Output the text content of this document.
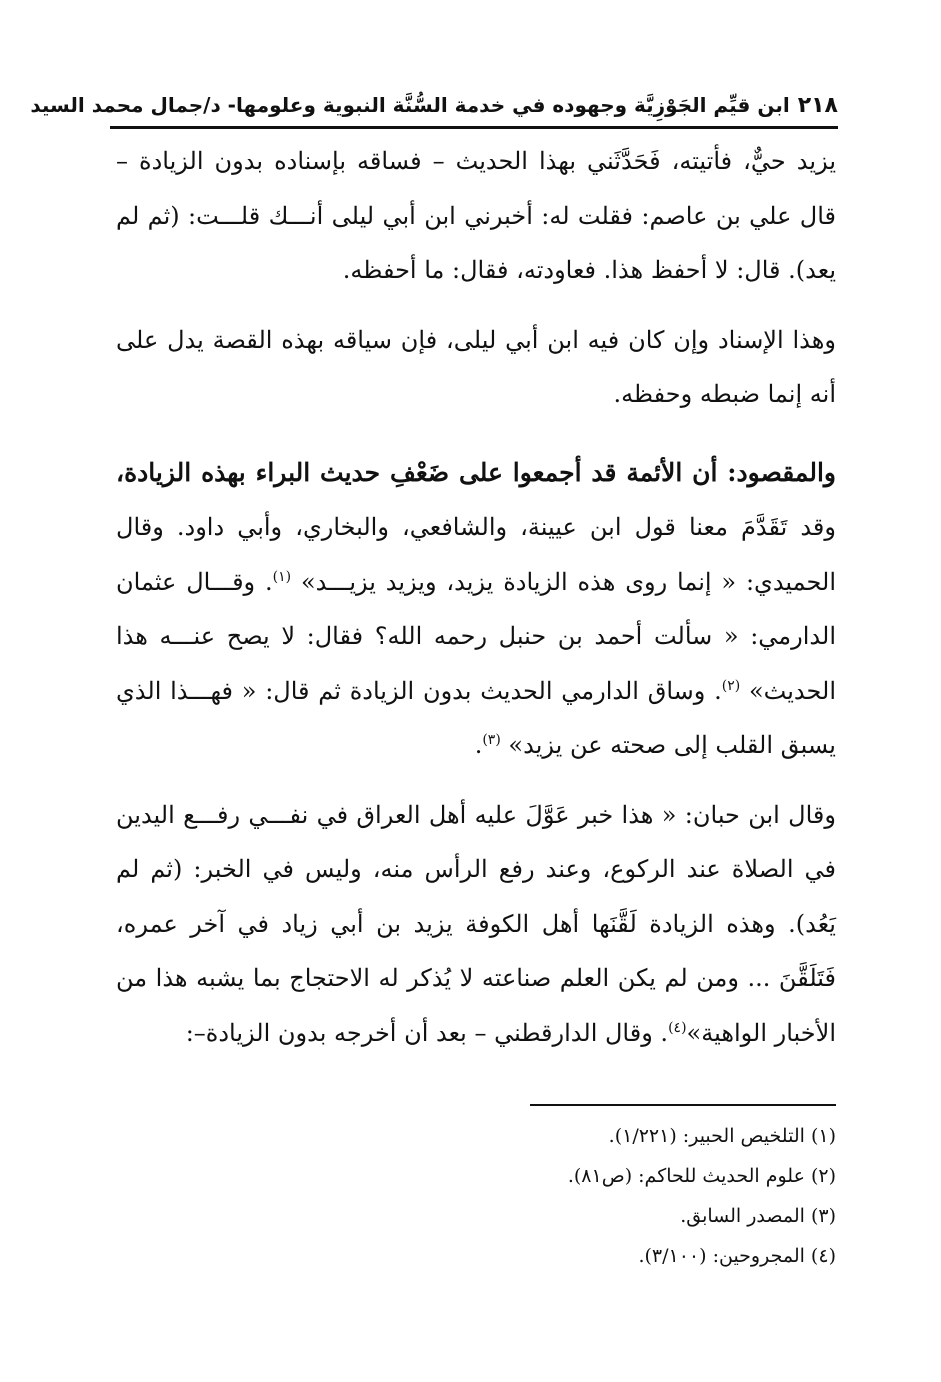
٢١٨
ابن قيِّم الجَوْزِيَّة وجهوده في خدمة السُّنَّة النبوية وعلومها- د/جمال محمد السيد

يزيد حيٌّ، فأتيته، فَحَدَّثَني بهذا الحديث – فساقه بإسناده بدون الزيادة – قال علي بن عاصم: فقلت له: أخبرني ابن أبي ليلى أنـــك قلـــت: (ثم لم يعد). قال: لا أحفظ هذا. فعاودته، فقال: ما أحفظه.

وهذا الإسناد وإن كان فيه ابن أبي ليلى، فإن سياقه بهذه القصة يدل على أنه إنما ضبطه وحفظه.

والمقصود: أن الأئمة قد أجمعوا على ضَعْفِ حديث البراء بهذه الزيادة، وقد تَقَدَّمَ معنا قول ابن عيينة، والشافعي، والبخاري، وأبي داود. وقال الحميدي: « إنما روى هذه الزيادة يزيد، ويزيد يزيـــد» $^{(١)}$. وقـــال عثمان الدارمي: « سألت أحمد بن حنبل رحمه الله؟ فقال: لا يصح عنـــه هذا الحديث» $^{(٢)}$. وساق الدارمي الحديث بدون الزيادة ثم قال: « فهـــذا الذي يسبق القلب إلى صحته عن يزيد» $^{(٣)}$.

وقال ابن حبان: « هذا خبر عَوَّلَ عليه أهل العراق في نفـــي رفـــع اليدين في الصلاة عند الركوع، وعند رفع الرأس منه، وليس في الخبر: (ثم لم يَعُد). وهذه الزيادة لَقَّنَها أهل الكوفة يزيد بن أبي زياد في آخر عمره، فَتَلَقَّنَ ... ومن لم يكن العلم صناعته لا يُذكر له الاحتجاج بما يشبه هذا من الأخبار الواهية»$^{(٤)}$. وقال الدارقطني – بعد أن أخرجه بدون الزيادة–:

(١) التلخيص الحبير: (١/٢٢١).

(٢) علوم الحديث للحاكم: (ص٨١).

(٣) المصدر السابق.

(٤) المجروحين: (٣/١٠٠).
